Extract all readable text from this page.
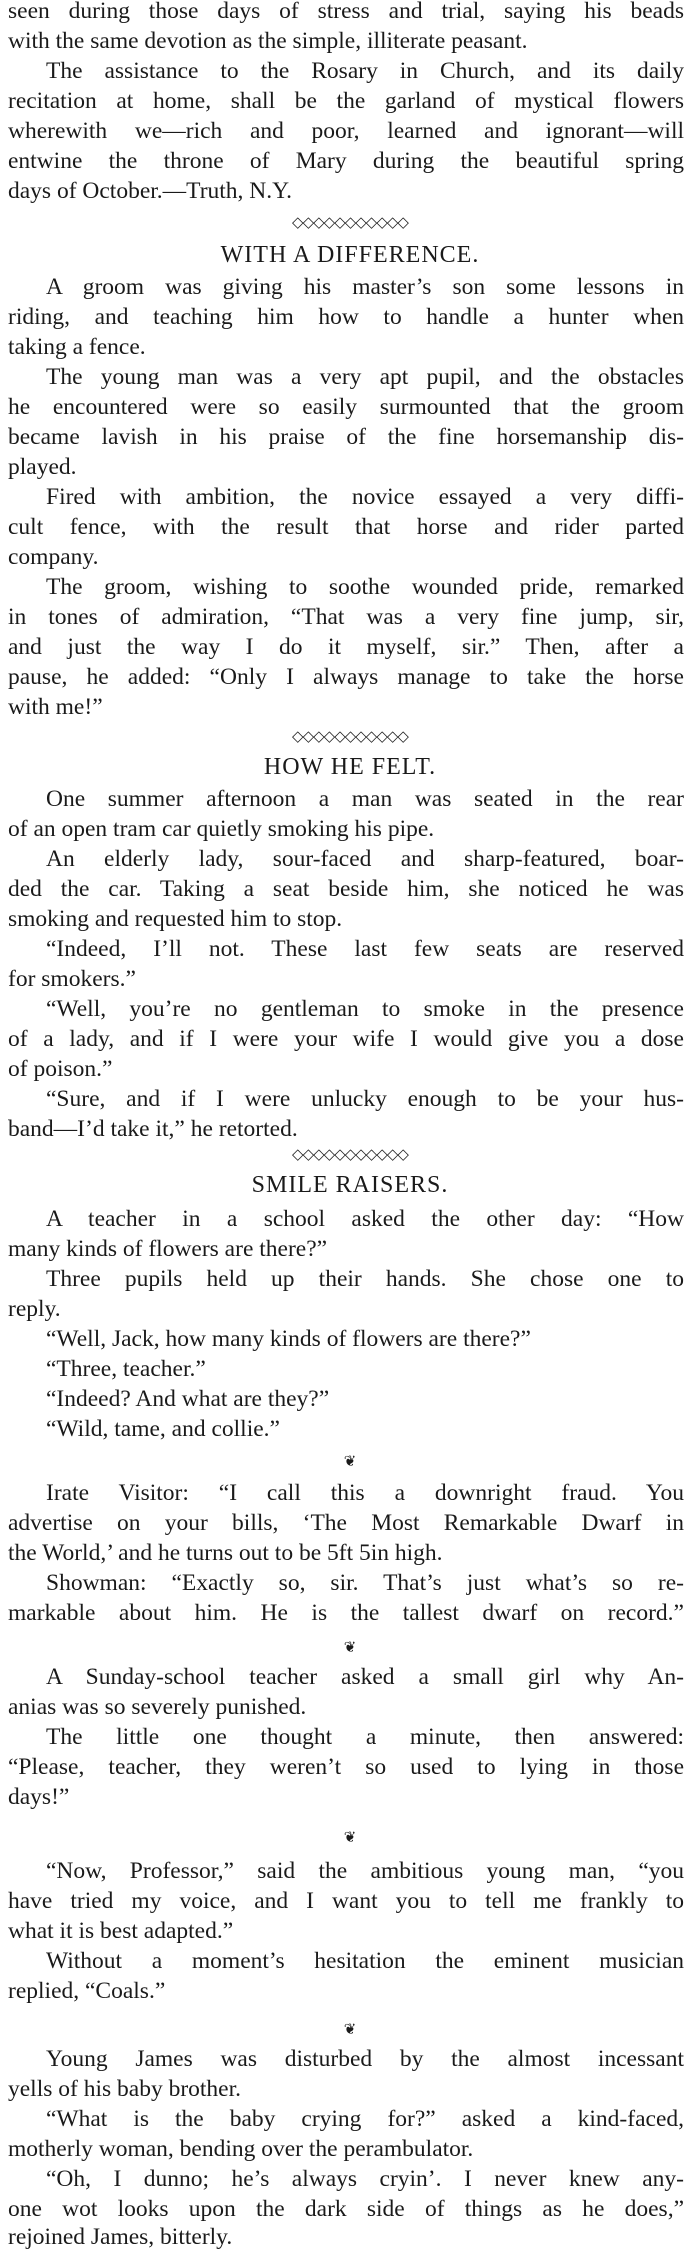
seen during those days of stress and trial, saying his beads
with the same devotion as the simple, illiterate peasant.
The assistance to the Rosary in Church, and its daily
recitation at home, shall be the garland of mystical flowers
wherewith we—rich and poor, learned and ignorant—will
entwine the throne of Mary during the beautiful spring
days of October.—Truth, N.Y.
◇◇◇◇◇◇◇◇◇◇◇
WITH A DIFFERENCE.
A groom was giving his master’s son some lessons in
riding, and teaching him how to handle a hunter when
taking a fence.
The young man was a very apt pupil, and the obstacles
he encountered were so easily surmounted that the groom
became lavish in his praise of the fine horsemanship dis-
played.
Fired with ambition, the novice essayed a very diffi-
cult fence, with the result that horse and rider parted
company.
The groom, wishing to soothe wounded pride, remarked
in tones of admiration, “That was a very fine jump, sir,
and just the way I do it myself, sir.” Then, after a
pause, he added: “Only I always manage to take the horse
with me!”
◇◇◇◇◇◇◇◇◇◇◇
HOW HE FELT.
One summer afternoon a man was seated in the rear
of an open tram car quietly smoking his pipe.
An elderly lady, sour-faced and sharp-featured, boar-
ded the car. Taking a seat beside him, she noticed he was
smoking and requested him to stop.
“Indeed, I’ll not. These last few seats are reserved
for smokers.”
“Well, you’re no gentleman to smoke in the presence
of a lady, and if I were your wife I would give you a dose
of poison.”
“Sure, and if I were unlucky enough to be your hus-
band—I’d take it,” he retorted.
◇◇◇◇◇◇◇◇◇◇◇
SMILE RAISERS.
A teacher in a school asked the other day: “How
many kinds of flowers are there?”
Three pupils held up their hands. She chose one to
reply.
“Well, Jack, how many kinds of flowers are there?”
“Three, teacher.”
“Indeed? And what are they?”
“Wild, tame, and collie.”
❦
Irate Visitor: “I call this a downright fraud. You
advertise on your bills, ‘The Most Remarkable Dwarf in
the World,’ and he turns out to be 5ft 5in high.
Showman: “Exactly so, sir. That’s just what’s so re-
markable about him. He is the tallest dwarf on record.”
❦
A Sunday-school teacher asked a small girl why An-
anias was so severely punished.
The little one thought a minute, then answered:
“Please, teacher, they weren’t so used to lying in those
days!”
❦
“Now, Professor,” said the ambitious young man, “you
have tried my voice, and I want you to tell me frankly to
what it is best adapted.”
Without a moment’s hesitation the eminent musician
replied, “Coals.”
❦
Young James was disturbed by the almost incessant
yells of his baby brother.
“What is the baby crying for?” asked a kind-faced,
motherly woman, bending over the perambulator.
“Oh, I dunno; he’s always cryin’. I never knew any-
one wot looks upon the dark side of things as he does,”
rejoined James, bitterly.
